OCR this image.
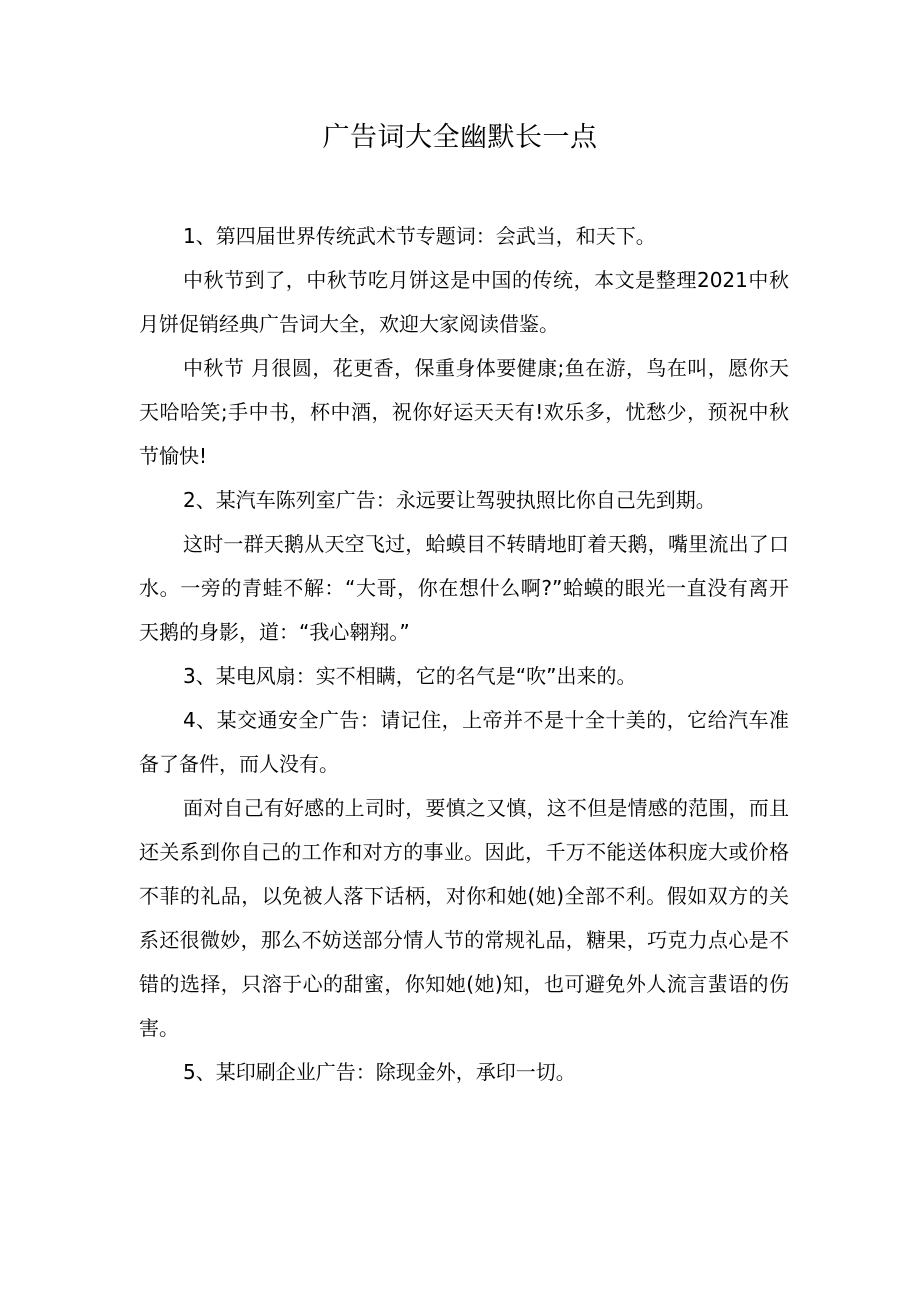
广告词大全幽默长一点

1、第四届世界传统武术节专题词：会武当，和天下。

中秋节到了，中秋节吃月饼这是中国的传统，本文是整理2021中秋月饼促销经典广告词大全，欢迎大家阅读借鉴。

中秋节 月很圆，花更香，保重身体要健康;鱼在游，鸟在叫，愿你天天哈哈笑;手中书，杯中酒，祝你好运天天有!欢乐多，忧愁少，预祝中秋节愉快!

2、某汽车陈列室广告：永远要让驾驶执照比你自己先到期。

这时一群天鹅从天空飞过，蛤蟆目不转睛地盯着天鹅，嘴里流出了口水。一旁的青蛙不解：“大哥，你在想什么啊?”蛤蟆的眼光一直没有离开天鹅的身影，道：“我心翱翔。”

3、某电风扇：实不相瞒，它的名气是“吹”出来的。

4、某交通安全广告：请记住，上帝并不是十全十美的，它给汽车准备了备件，而人没有。

面对自己有好感的上司时，要慎之又慎，这不但是情感的范围，而且还关系到你自己的工作和对方的事业。因此，千万不能送体积庞大或价格不菲的礼品，以免被人落下话柄，对你和她(她)全部不利。假如双方的关系还很微妙，那么不妨送部分情人节的常规礼品，糖果，巧克力点心是不错的选择，只溶于心的甜蜜，你知她(她)知，也可避免外人流言蜚语的伤害。

5、某印刷企业广告：除现金外，承印一切。
